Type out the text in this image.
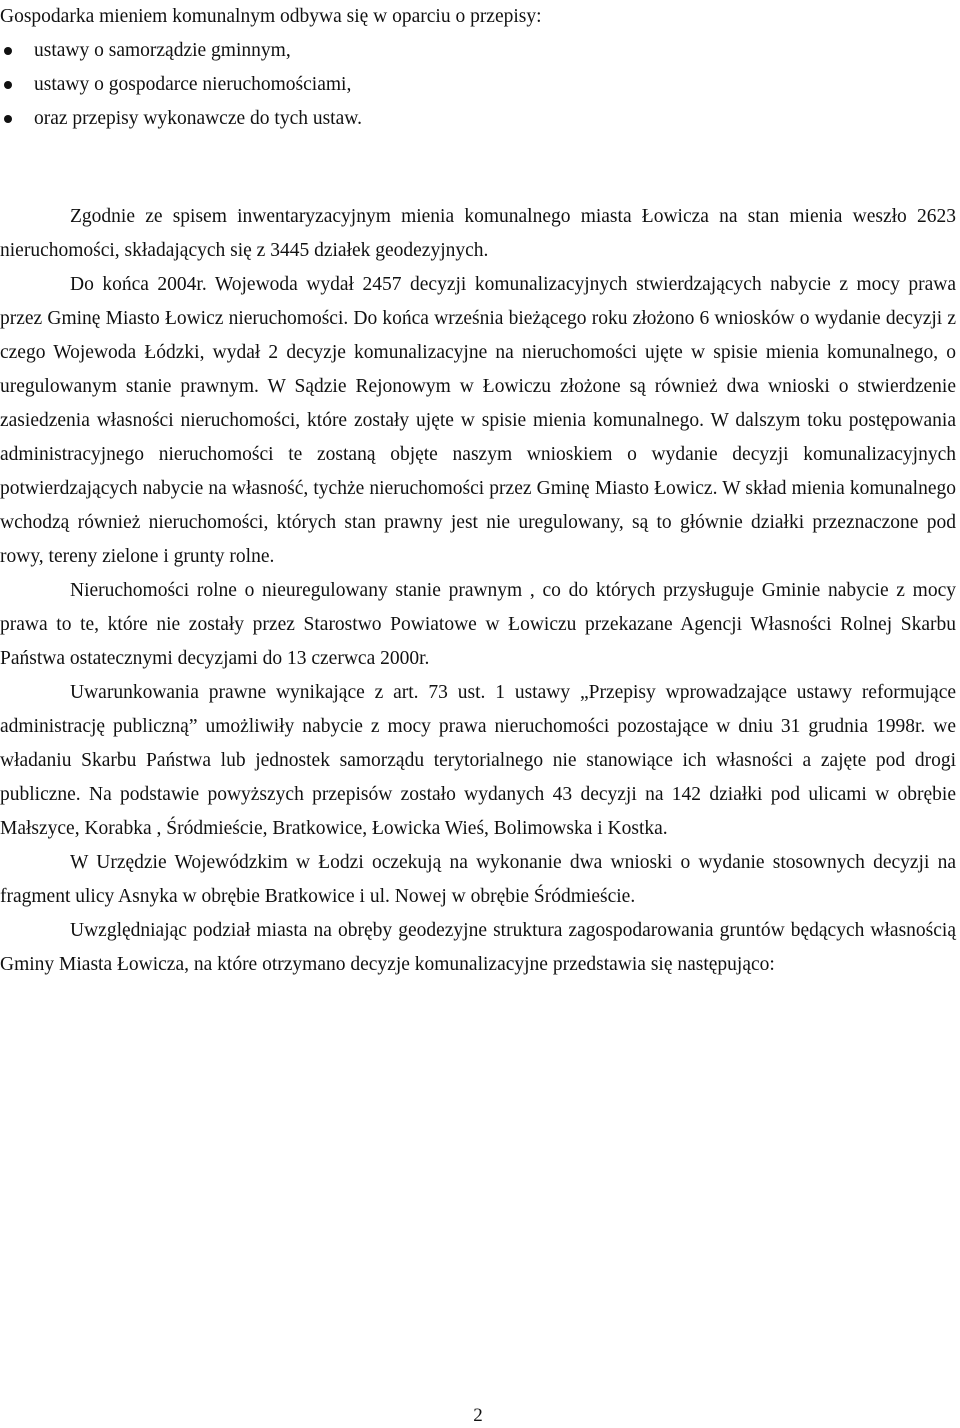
Gospodarka mieniem komunalnym odbywa się w oparciu o przepisy:

ustawy o samorządzie gminnym,
ustawy o gospodarce nieruchomościami,
oraz przepisy wykonawcze do tych ustaw.

Zgodnie ze spisem inwentaryzacyjnym mienia komunalnego miasta Łowicza na stan mienia weszło 2623 nieruchomości, składających się z 3445 działek geodezyjnych.

Do końca 2004r. Wojewoda wydał 2457 decyzji komunalizacyjnych stwierdzających nabycie z mocy prawa przez Gminę Miasto Łowicz nieruchomości. Do końca września bieżącego roku złożono 6 wniosków o wydanie decyzji z czego Wojewoda Łódzki, wydał 2 decyzje komunalizacyjne na nieruchomości ujęte w spisie mienia komunalnego, o uregulowanym stanie prawnym. W Sądzie Rejonowym w Łowiczu złożone są również dwa wnioski o stwierdzenie zasiedzenia własności nieruchomości, które zostały ujęte w spisie mienia komunalnego. W dalszym toku postępowania administracyjnego nieruchomości te zostaną objęte naszym wnioskiem o wydanie decyzji komunalizacyjnych potwierdzających nabycie na własność, tychże nieruchomości przez Gminę Miasto Łowicz. W skład mienia komunalnego wchodzą również nieruchomości, których stan prawny jest nie uregulowany, są to głównie działki przeznaczone pod rowy, tereny zielone i grunty rolne.

Nieruchomości rolne o nieuregulowany stanie prawnym , co do których przysługuje Gminie nabycie z mocy prawa to te, które nie zostały przez Starostwo Powiatowe w Łowiczu przekazane Agencji Własności Rolnej Skarbu Państwa ostatecznymi decyzjami do 13 czerwca 2000r.

Uwarunkowania prawne wynikające z art. 73 ust. 1 ustawy „Przepisy wprowadzające ustawy reformujące administrację publiczną” umożliwiły nabycie z mocy prawa nieruchomości pozostające w dniu 31 grudnia 1998r. we władaniu Skarbu Państwa lub jednostek samorządu terytorialnego nie stanowiące ich własności a zajęte pod drogi publiczne. Na podstawie powyższych przepisów zostało wydanych 43 decyzji na 142 działki pod ulicami w obrębie Małszyce, Korabka , Śródmieście, Bratkowice, Łowicka Wieś, Bolimowska i Kostka.

W Urzędzie Wojewódzkim w Łodzi oczekują na wykonanie dwa wnioski o wydanie stosownych decyzji na fragment ulicy Asnyka w obrębie Bratkowice i ul. Nowej w obrębie Śródmieście.

Uwzględniając podział miasta na obręby geodezyjne struktura zagospodarowania gruntów będących własnością Gminy Miasta Łowicza, na które otrzymano decyzje komunalizacyjne przedstawia się następująco:

2
